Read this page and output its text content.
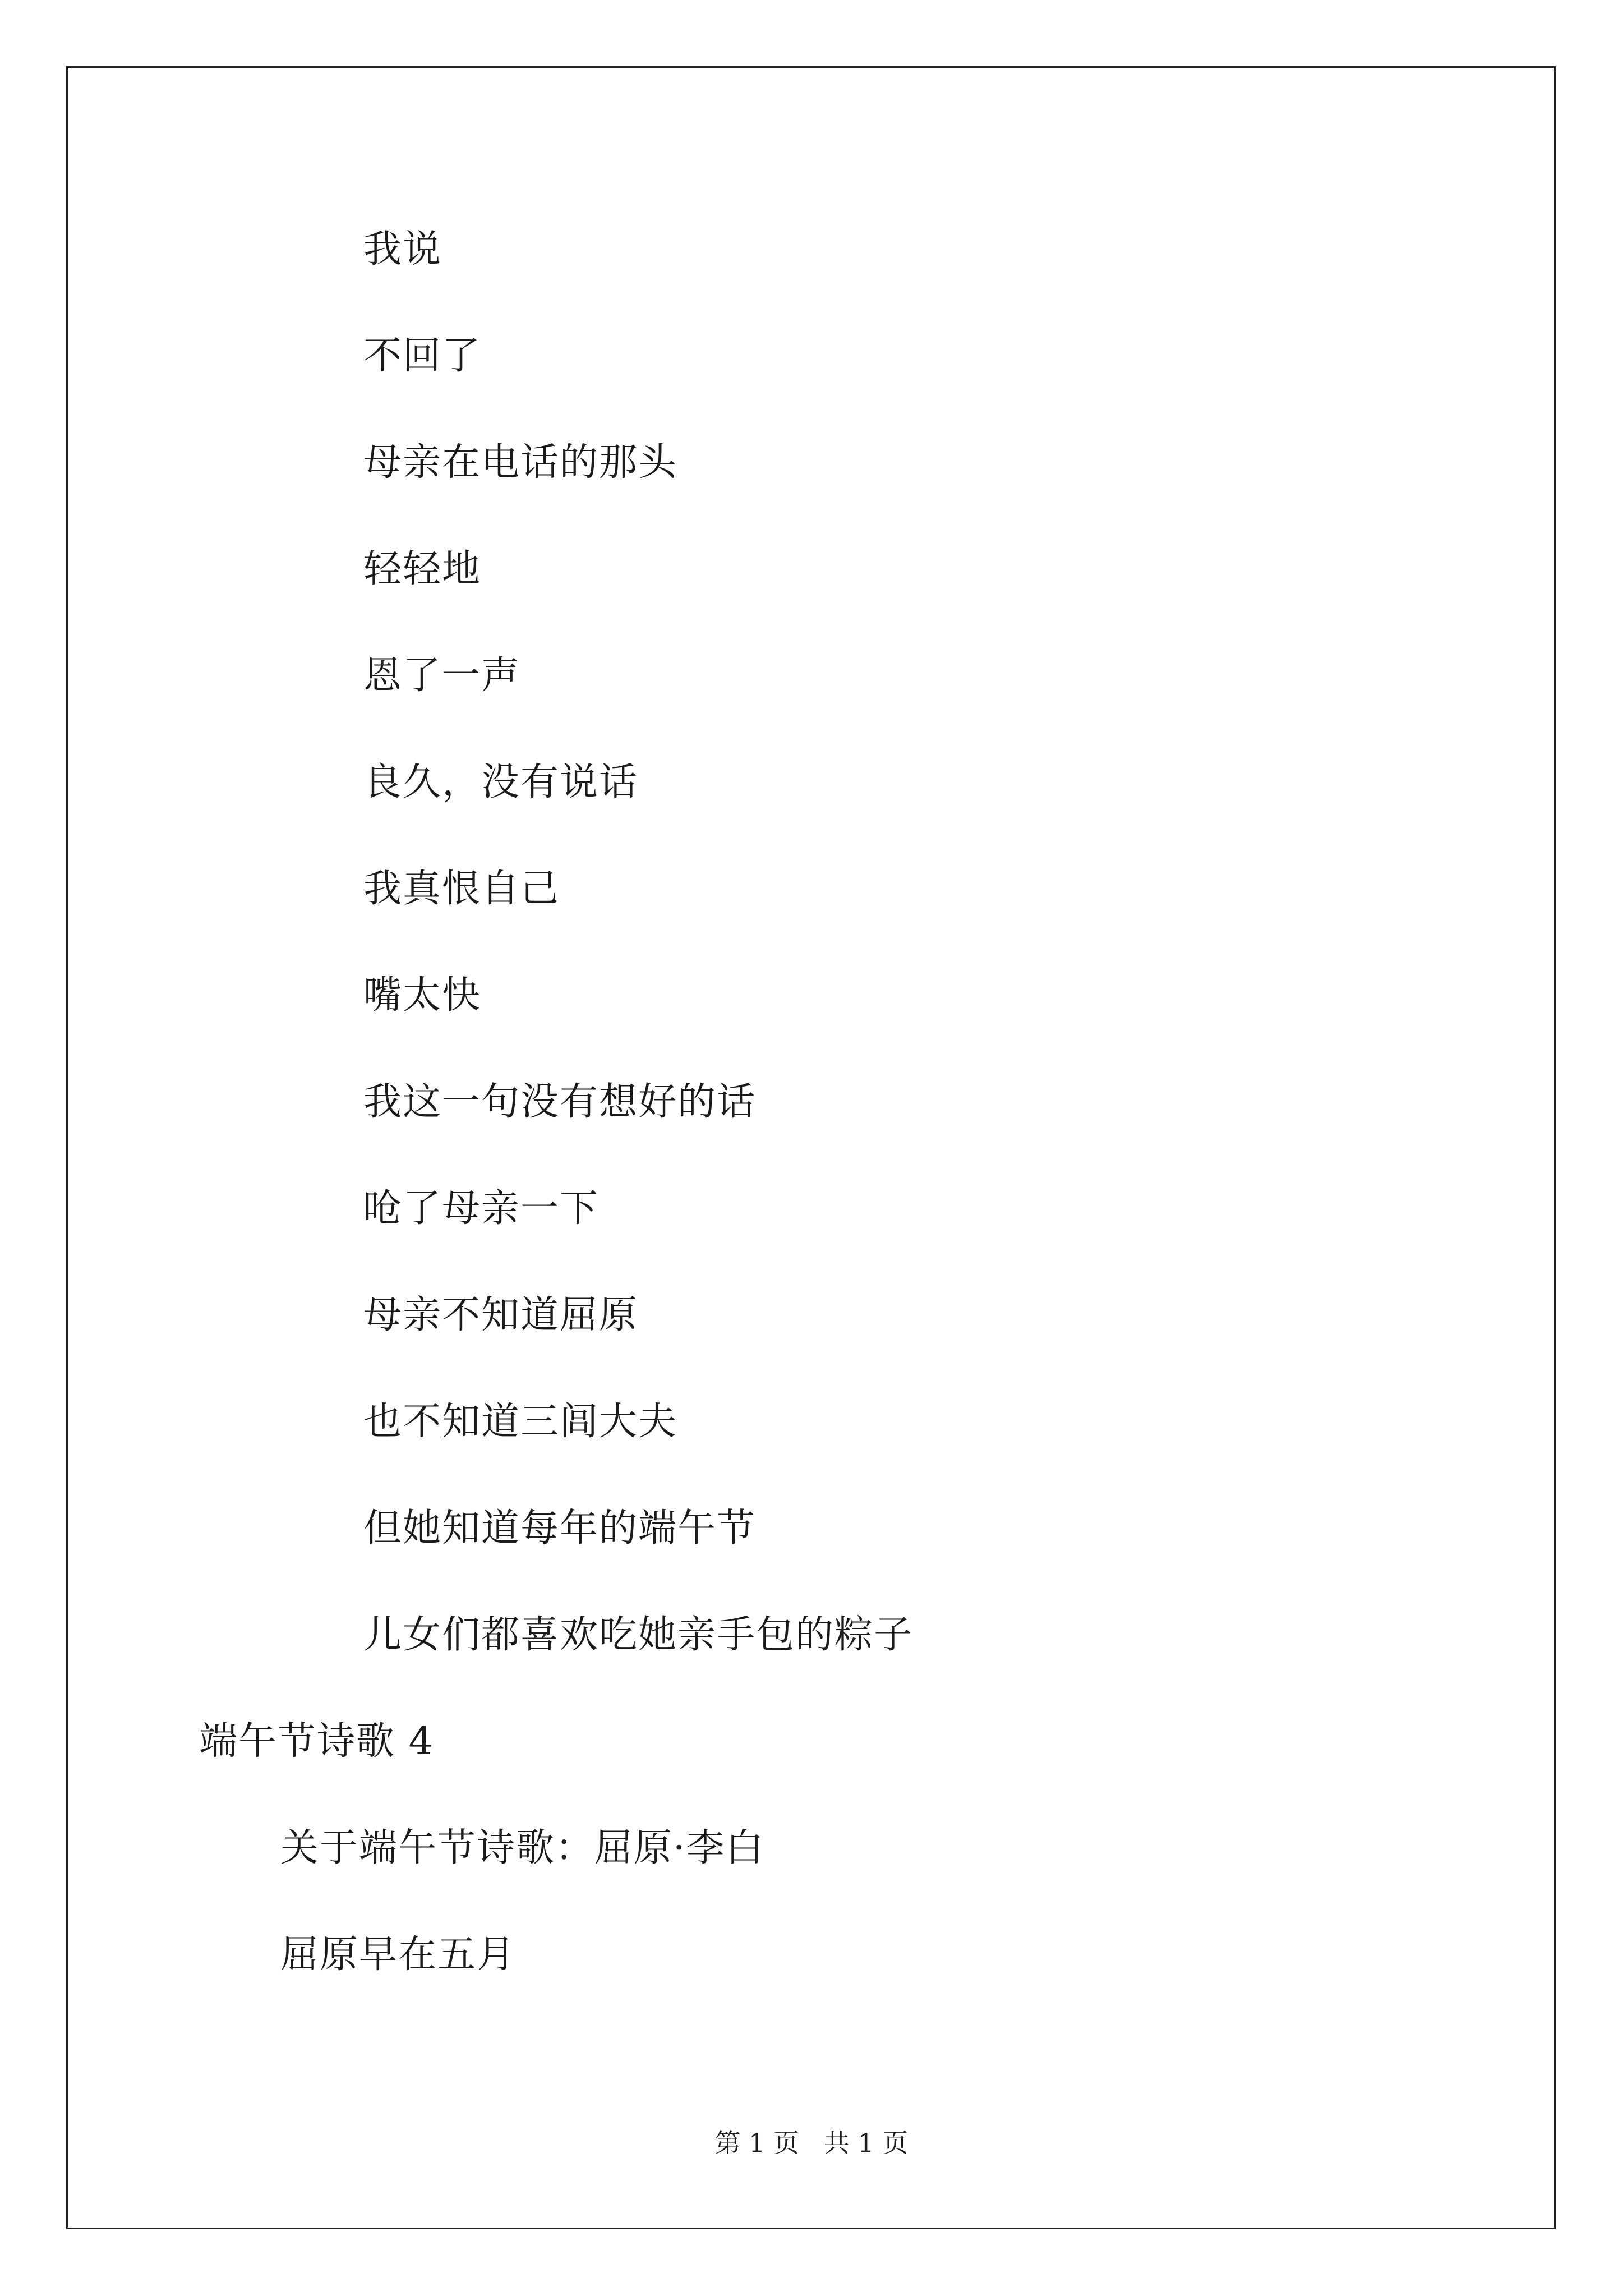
我说
不回了
母亲在电话的那头
轻轻地
恩了一声
良久，没有说话
我真恨自己
嘴太快
我这一句没有想好的话
呛了母亲一下
母亲不知道屈原
也不知道三闾大夫
但她知道每年的端午节
儿女们都喜欢吃她亲手包的粽子
端午节诗歌 4
关于端午节诗歌：屈原·李白
屈原早在五月
第 1 页   共 1 页
